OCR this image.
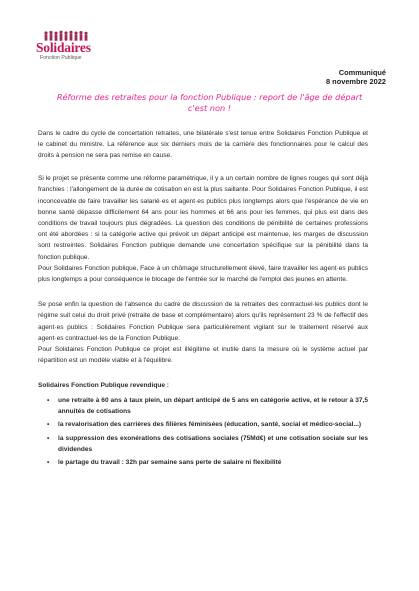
Solidaires
Fonction Publique
Communiqué
8 novembre 2022
Réforme des retraites pour la fonction Publique : report de l'âge de départ c'est non !

Dans le cadre du cycle de concertation retraites, une bilatérale s'est tenue entre Solidaires Fonction Publique et le cabinet du ministre. La référence aux six derniers mois de la carrière des fonctionnaires pour le calcul des droits à pension ne sera pas remise en cause.

Si le projet se présente comme une réforme paramétrique, il y a un certain nombre de lignes rouges qui sont déjà franchies : l'allongement de la durée de cotisation en est la plus saillante. Pour Solidaires Fonction Publique, il est inconcevable de faire travailler les salarié·es et agent·es publics plus longtemps alors que l'espérance de vie en bonne santé dépasse difficilement 64 ans pour les hommes et 66 ans pour les femmes, qui plus est dans des conditions de travail toujours plus dégradées. La question des conditions de pénibilité de certaines professions ont été abordées : si la catégorie active qui prévoit un départ anticipé est maintenue, les marges de discussion sont restreintes. Solidaires Fonction publique demande une concertation spécifique sur la pénibilité dans la fonction publique.

Pour Solidaires Fonction publique, Face à un chômage structurellement élevé, faire travailler les agent·es publics plus longtemps a pour conséquence le blocage de l'entrée sur le marché de l'emploi des jeunes en attente.

Se pose enfin la question de l'absence du cadre de discussion de la retraites des contractuel·les publics dont le régime suit celui du droit privé (retraite de base et complémentaire) alors qu'ils représentent 23 % de l'effectif des agent·es publics : Solidaires Fonction Publique sera particulièrement vigilant sur le traitement réservé aux agent·es contractuel·les de la Fonction Publique.

Pour Solidaires Fonction Publique ce projet est illégitime et inutile dans la mesure où le système actuel par répartition est un modèle viable et à l'équilibre.

Solidaires Fonction Publique revendique :

• une retraite à 60 ans à taux plein, un départ anticipé de 5 ans en catégorie active, et le retour à 37,5 annuités de cotisations
• la revalorisation des carrières des filières féminisées (éducation, santé, social et médico-social...)
• la suppression des exonérations des cotisations sociales (75Md€) et une cotisation sociale sur les dividendes
• le partage du travail : 32h par semaine sans perte de salaire ni flexibilité
